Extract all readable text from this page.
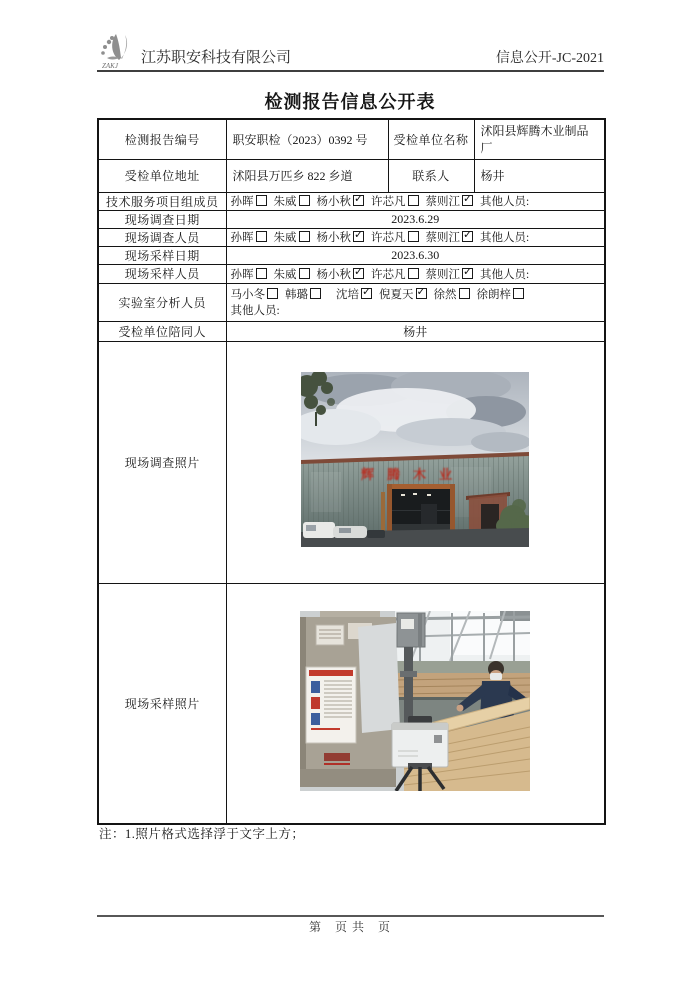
ZAKJ 江苏职安科技有限公司	信息公开-JC-2021
检测报告信息公开表
检测报告编号	职安职检（2023）0392 号	受检单位名称	沭阳县辉腾木业制品厂
受检单位地址	沭阳县万匹乡 822 乡道	联系人	杨井
技术服务项目组成员	孙晖 朱威 杨小秋 ✓ 许芯凡 蔡则江 ✓ 其他人员:
现场调查日期	2023.6.29		
现场调查人员	孙晖 朱威 杨小秋 ✓ 许芯凡 蔡则江 ✓ 其他人员:
现场采样日期	2023.6.30		
现场采样人员	孙晖 朱威 杨小秋 ✓ 许芯凡 蔡则江 ✓ 其他人员:
实验室分析人员	马小冬 韩璐 沈培 ✓ 倪夏天 ✓ 徐然 徐朗梓
其他人员:
受检单位陪同人	杨井		
现场调查照片	辉腾木业		

现场采样照片	
注：1.照片格式选择浮于文字上方；
第　页 共　页
